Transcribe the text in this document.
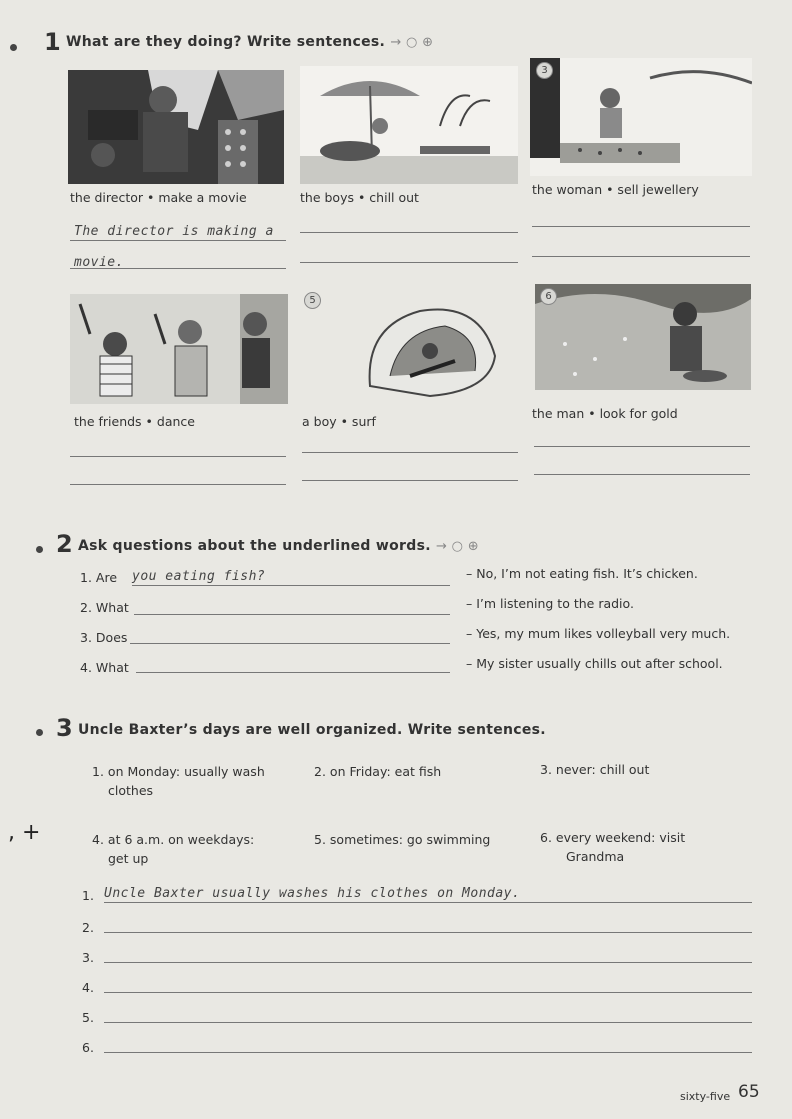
1 What are they doing? Write sentences. → ○ ⊕
the director • make a movie	the boys • chill out
3
the woman • sell jewellery
The director is making a
movie.
the friends • dance
5
a boy • surf
6
the man • look for gold
2 Ask questions about the underlined words. → ○ ⊕
1. Are you eating fish?	– No, I’m not eating fish. It’s chicken.
2. What	– I’m listening to the radio.
3. Does	– Yes, my mum likes volleyball very much.
4. What	– My sister usually chills out after school.
3 Uncle Baxter’s days are well organized. Write sentences.
1. on Monday: usually wash
clothes
2. on Friday: eat fish	3. never: chill out
, +	4. at 6 a.m. on weekdays:
get up
5. sometimes: go swimming	6. every weekend: visit
Grandma
1. Uncle Baxter usually washes his clothes on Monday.
2.
3.
4.
5.
6.
sixty-five 65
